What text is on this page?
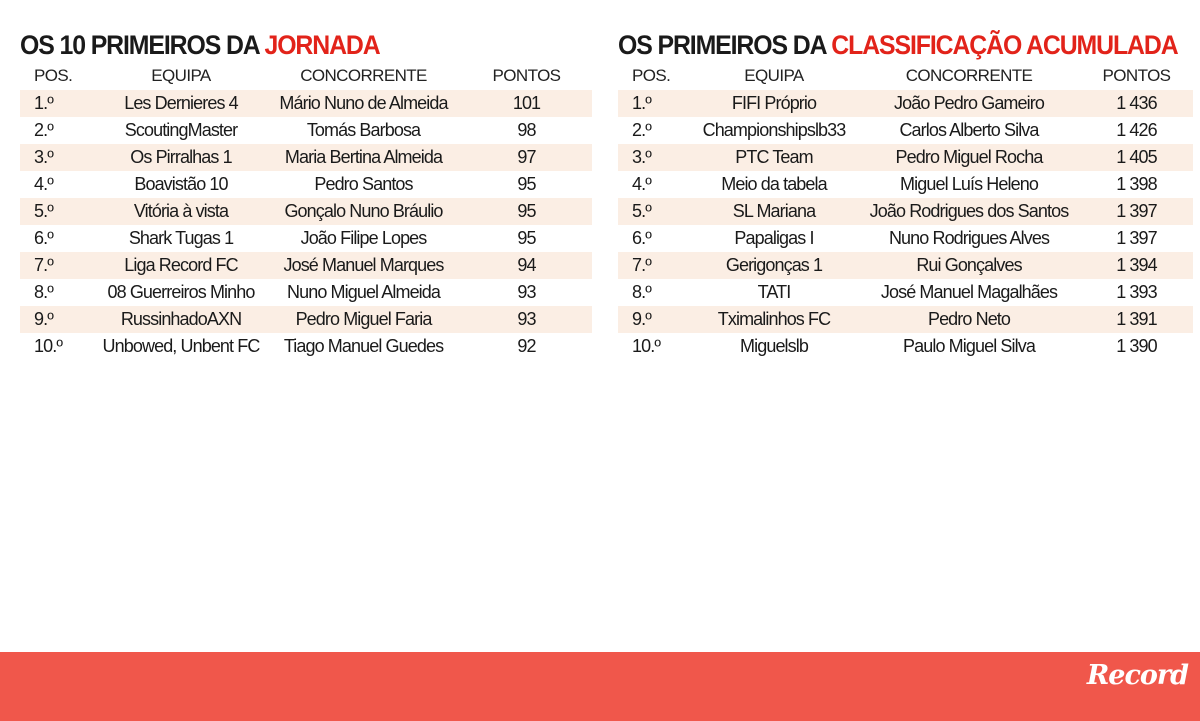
OS 10 PRIMEIROS DA JORNADA
POS.	EQUIPA	CONCORRENTE	PONTOS
1.º	Les Dernieres 4	Mário Nuno de Almeida	101
2.º	ScoutingMaster	Tomás Barbosa	98
3.º	Os Pirralhas 1	Maria Bertina Almeida	97
4.º	Boavistão 10	Pedro Santos	95
5.º	Vitória à vista	Gonçalo Nuno Bráulio	95
6.º	Shark Tugas 1	João Filipe Lopes	95
7.º	Liga Record FC	José Manuel Marques	94
8.º	08 Guerreiros Minho	Nuno Miguel Almeida	93
9.º	RussinhadoAXN	Pedro Miguel Faria	93
10.º	Unbowed, Unbent FC	Tiago Manuel Guedes	92
OS PRIMEIROS DA CLASSIFICAÇÃO ACUMULADA
POS.	EQUIPA	CONCORRENTE	PONTOS
1.º	FIFI Próprio	João Pedro Gameiro	1 436
2.º	Championshipslb33	Carlos Alberto Silva	1 426
3.º	PTC Team	Pedro Miguel Rocha	1 405
4.º	Meio da tabela	Miguel Luís Heleno	1 398
5.º	SL Mariana	João Rodrigues dos Santos	1 397
6.º	Papaligas I	Nuno Rodrigues Alves	1 397
7.º	Gerigonças 1	Rui Gonçalves	1 394
8.º	TATI	José Manuel Magalhães	1 393
9.º	Tximalinhos FC	Pedro Neto	1 391
10.º	Miguelslb	Paulo Miguel Silva	1 390
Record
